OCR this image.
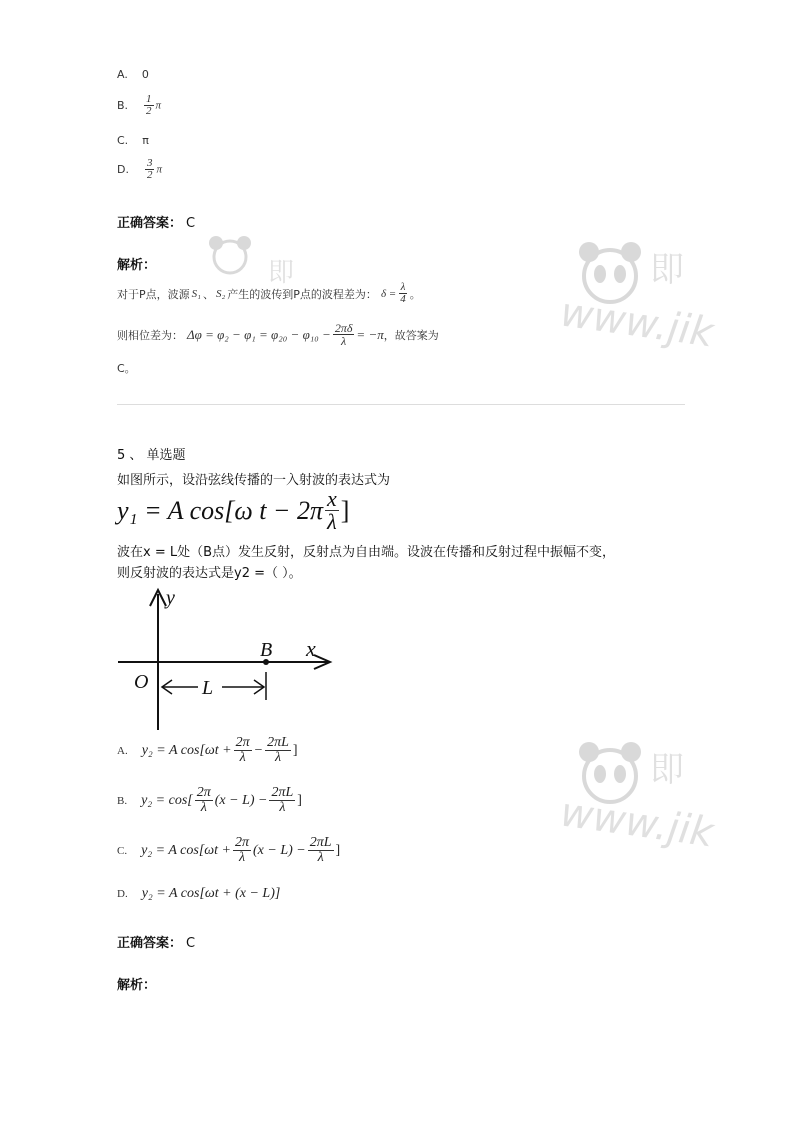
即	即
www.jik
即
www.jik
A. 0
B. $\frac{1}{2}$ π
C. π
D. $\frac{3}{2}$ π
正确答案： C
解析：
对于P点，波源 S₁ 、 S₂ 产生的波传到P点的波程差为： $\delta = \frac{\lambda}{4}$ 。
则相位差为： $\Delta\varphi = \varphi_2 - \varphi_1 = \varphi_{20} - \varphi_{10} - \frac{2\pi\delta}{\lambda} = -\pi$ ，故答案为
C。
5 、 单选题
如图所示，设沿弦线传播的一入射波的表达式为
y₁ = A cos[ω $t - 2\pi \frac{x}{\lambda}$ ]
波在x = L处（B点）发生反射，反射点为自由端。设波在传播和反射过程中振幅不变，
则反射波的表达式是y2 =（ ）。
y
x
O
B
L
A. y₂ = A $\cos[\omega t + \frac{2\pi}{\lambda} - \frac{2\pi L}{\lambda}$ ]
B. $y_2 = \cos[ \frac{2\pi}{\lambda} (x - L) - \frac{2\pi L}{\lambda}$ ]
C. y₂ = A $\cos[\omega t + \frac{2\pi}{\lambda} (x - L) - \frac{2\pi L}{\lambda}$ ]
D. y₂ = A cos[ωt + (x − L)]
正确答案： C
解析：
